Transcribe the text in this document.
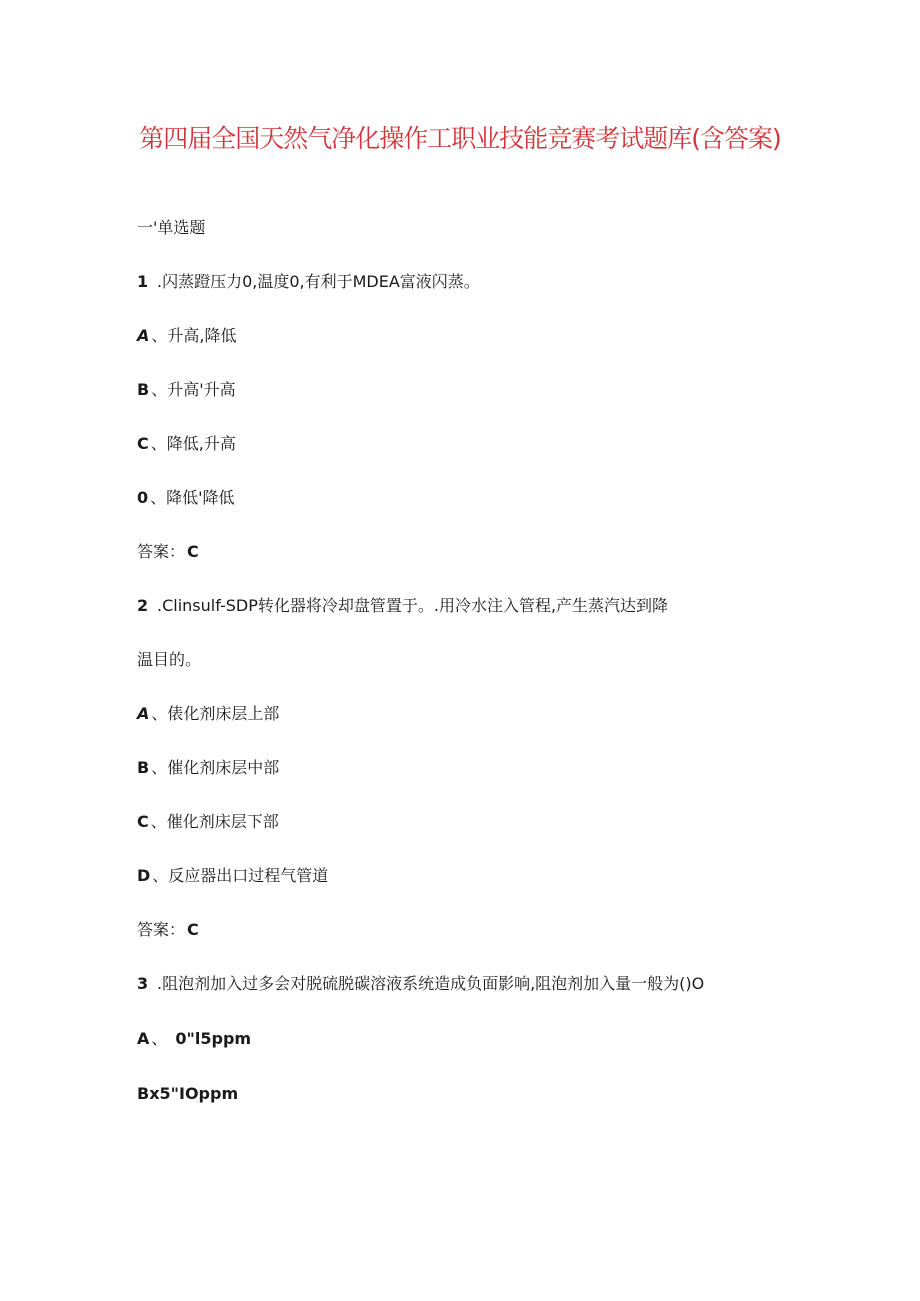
第四届全国天然气净化操作工职业技能竞赛考试题库(含答案)
一'单选题
1 .闪蒸蹬压力0,温度0,有利于MDEA富液闪蒸。
A 、升高,降低
B 、升高'升高
C 、降低,升高
0 、降低'降低
答案： C
2 .Clinsulf-SDP转化器将冷却盘管置于。.用冷水注入管程,产生蒸汽达到降
温目的。
A 、俵化剂床层上部
B 、催化剂床层中部
C 、催化剂床层下部
D 、反应器出口过程气管道
答案： C
3 .阻泡剂加入过多会对脱硫脱碳溶液系统造成负面影响,阻泡剂加入量一般为()O
A 、 0"l5ppm
Bx5"IOppm
